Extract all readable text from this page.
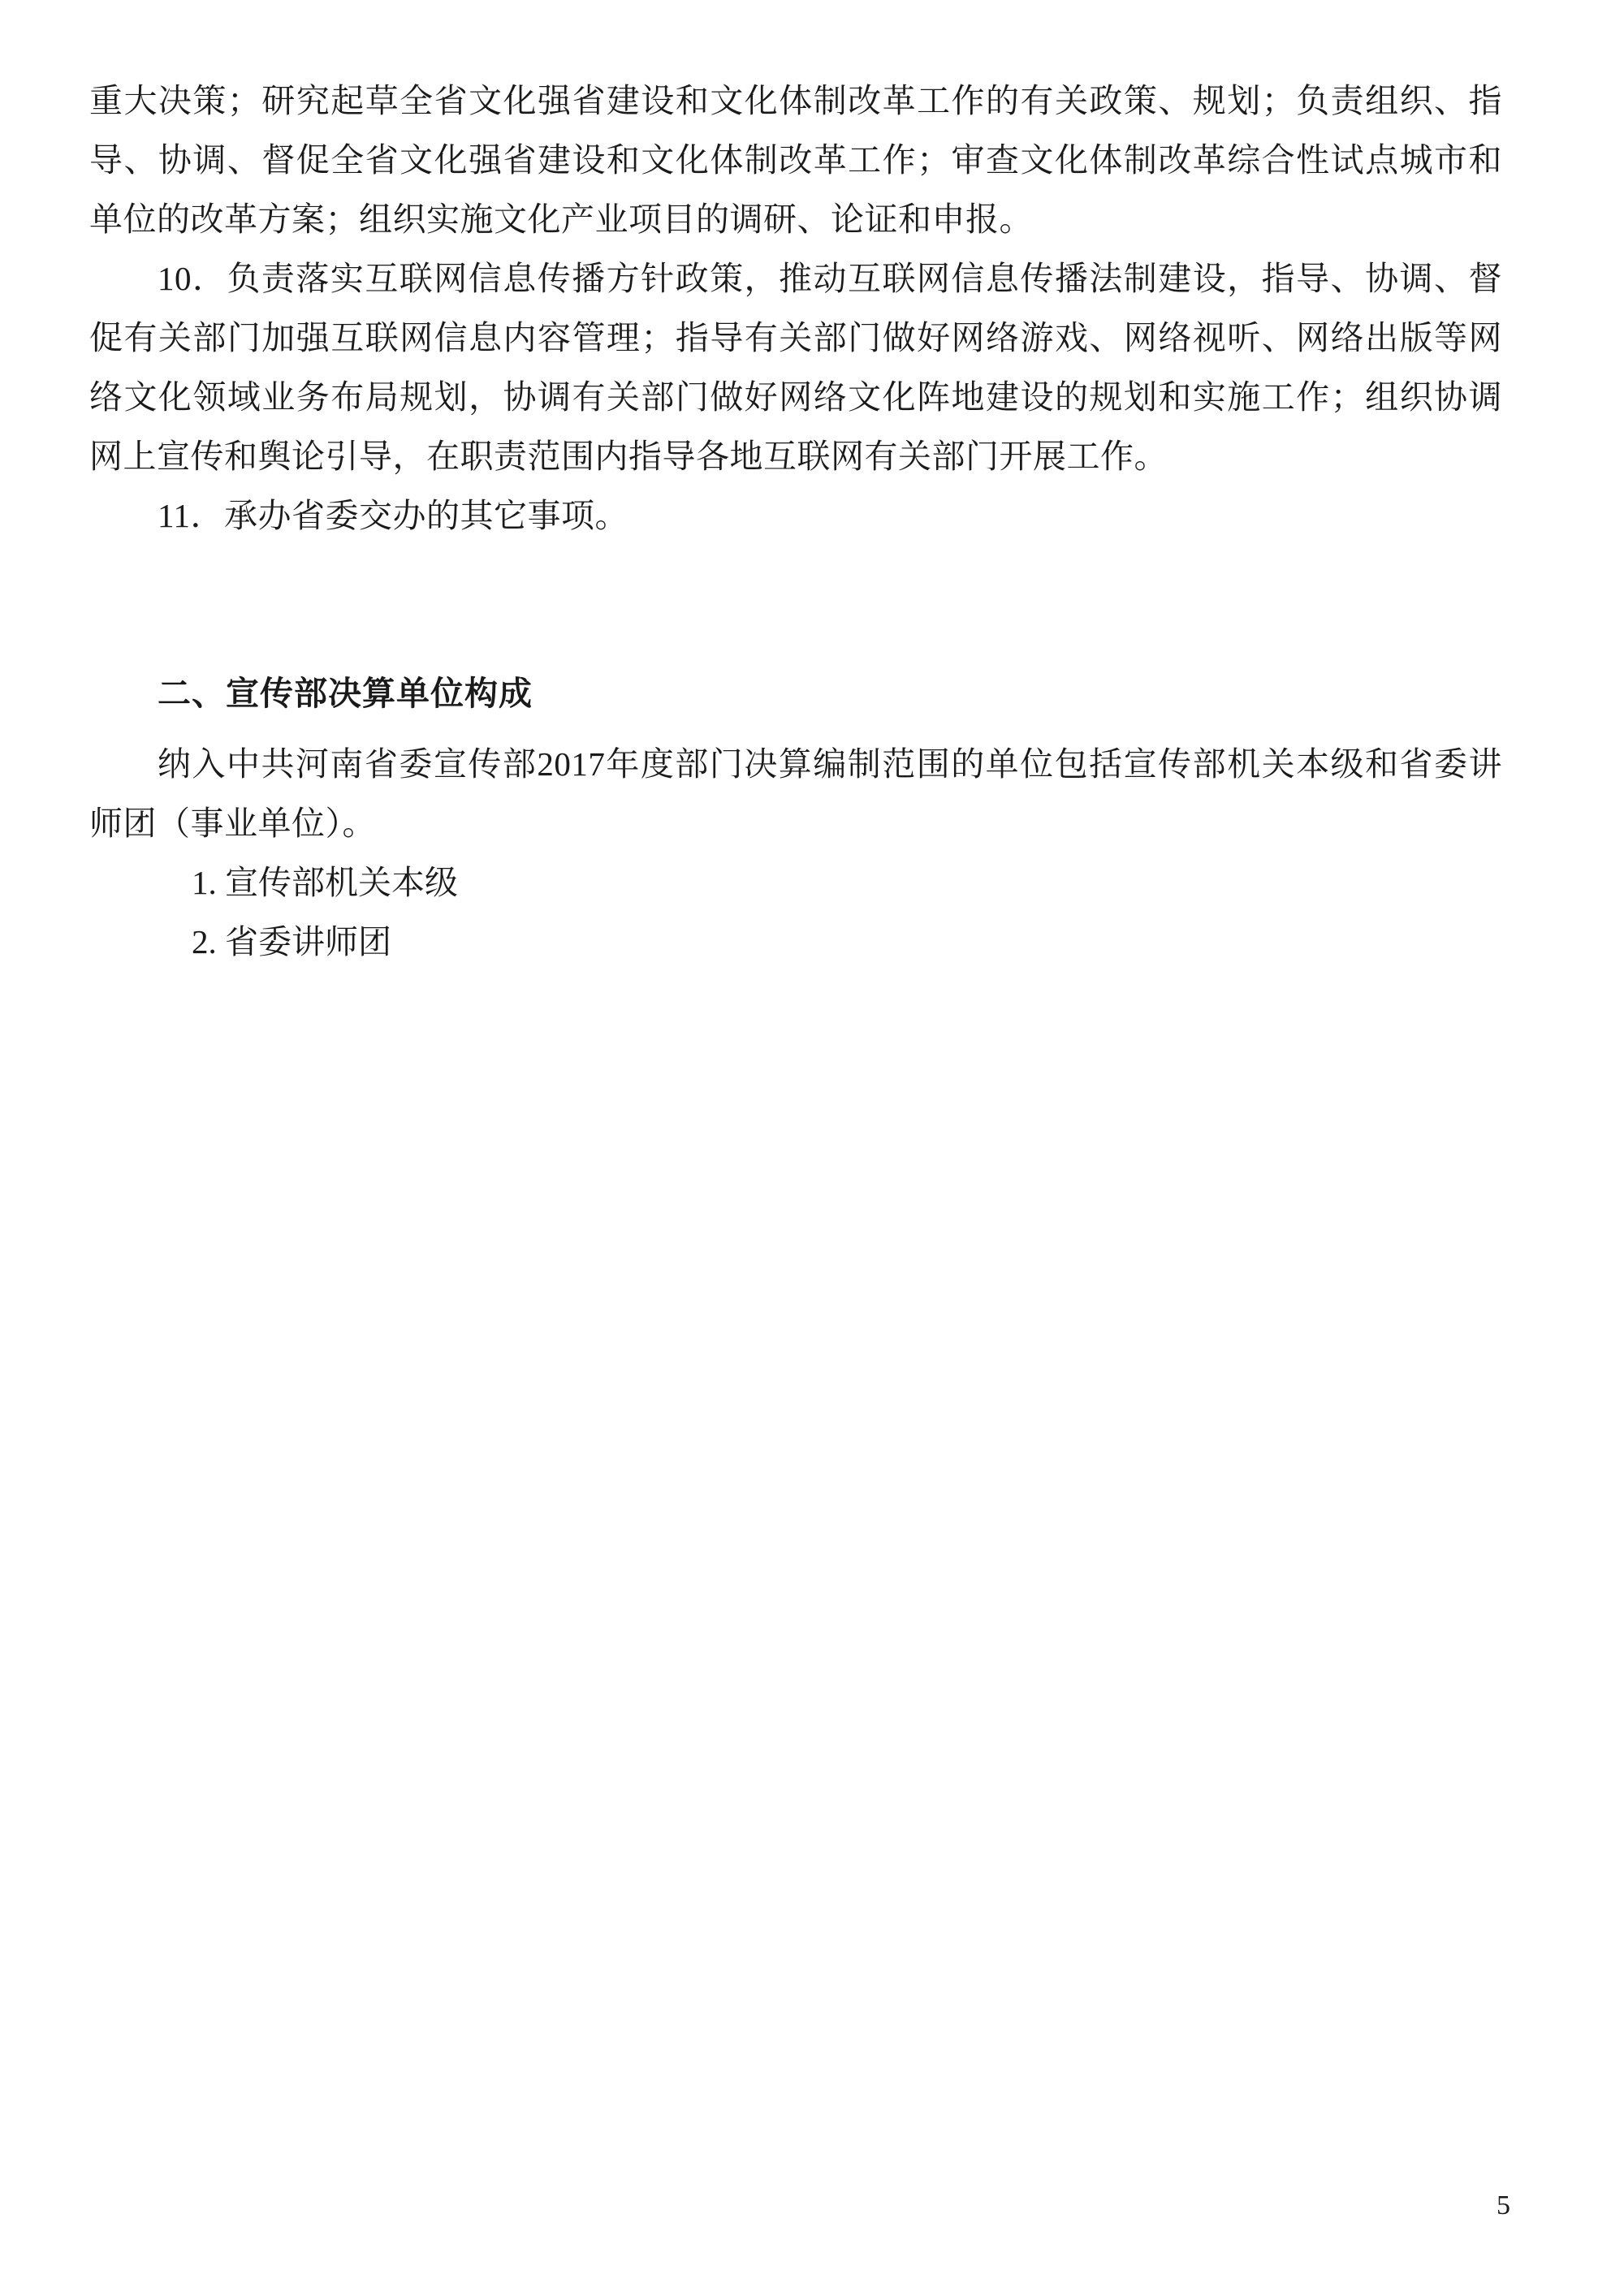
重大决策；研究起草全省文化强省建设和文化体制改革工作的有关政策、规划；负责组织、指导、协调、督促全省文化强省建设和文化体制改革工作；审查文化体制改革综合性试点城市和单位的改革方案；组织实施文化产业项目的调研、论证和申报。

10．负责落实互联网信息传播方针政策，推动互联网信息传播法制建设，指导、协调、督促有关部门加强互联网信息内容管理；指导有关部门做好网络游戏、网络视听、网络出版等网络文化领域业务布局规划，协调有关部门做好网络文化阵地建设的规划和实施工作；组织协调网上宣传和舆论引导，在职责范围内指导各地互联网有关部门开展工作。

11．承办省委交办的其它事项。

二、宣传部决算单位构成

纳入中共河南省委宣传部2017年度部门决算编制范围的单位包括宣传部机关本级和省委讲师团（事业单位）。

1. 宣传部机关本级

2. 省委讲师团

5
